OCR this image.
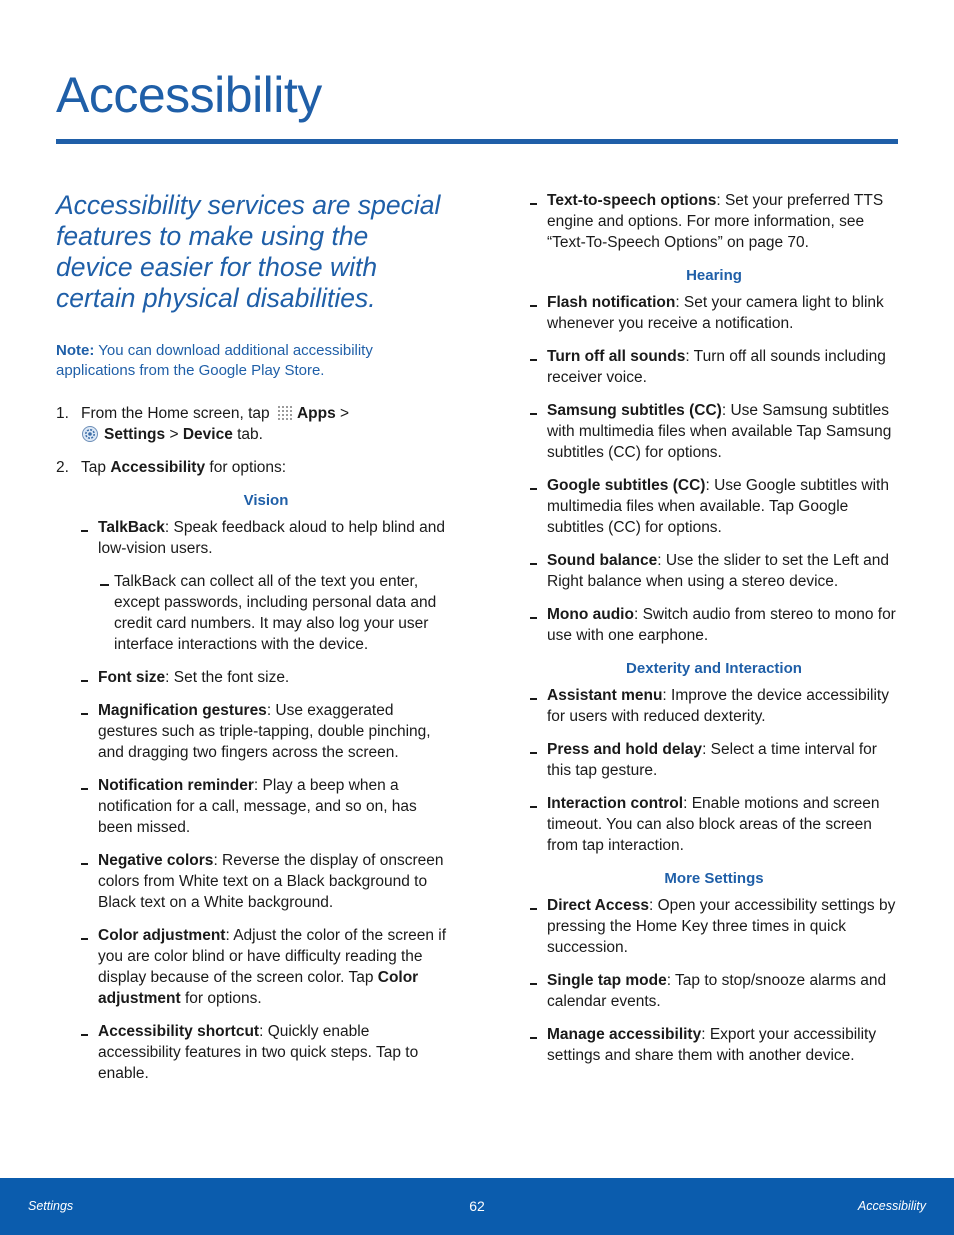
Accessibility

Accessibility services are special features to make using the device easier for those with certain physical disabilities.

Note: You can download additional accessibility applications from the Google Play Store.

1. From the Home screen, tap Apps >
Settings > Device tab.
2. Tap Accessibility for options:
Vision
TalkBack: Speak feedback aloud to help blind and low-vision users.
TalkBack can collect all of the text you enter, except passwords, including personal data and credit card numbers. It may also log your user interface interactions with the device.
Font size: Set the font size.
Magnification gestures: Use exaggerated gestures such as triple-tapping, double pinching, and dragging two fingers across the screen.
Notification reminder: Play a beep when a notification for a call, message, and so on, has been missed.
Negative colors: Reverse the display of onscreen colors from White text on a Black background to Black text on a White background.
Color adjustment: Adjust the color of the screen if you are color blind or have difficulty reading the display because of the screen color. Tap Color adjustment for options.
Accessibility shortcut: Quickly enable accessibility features in two quick steps. Tap to enable.
Text-to-speech options: Set your preferred TTS engine and options. For more information, see “Text-To-Speech Options” on page 70.
Hearing
Flash notification: Set your camera light to blink whenever you receive a notification.
Turn off all sounds: Turn off all sounds including receiver voice.
Samsung subtitles (CC): Use Samsung subtitles with multimedia files when available Tap Samsung subtitles (CC) for options.
Google subtitles (CC): Use Google subtitles with multimedia files when available. Tap Google subtitles (CC) for options.
Sound balance: Use the slider to set the Left and Right balance when using a stereo device.
Mono audio: Switch audio from stereo to mono for use with one earphone.
Dexterity and Interaction
Assistant menu: Improve the device accessibility for users with reduced dexterity.
Press and hold delay: Select a time interval for this tap gesture.
Interaction control: Enable motions and screen timeout. You can also block areas of the screen from tap interaction.
More Settings
Direct Access: Open your accessibility settings by pressing the Home Key three times in quick succession.
Single tap mode: Tap to stop/snooze alarms and calendar events.
Manage accessibility: Export your accessibility settings and share them with another device.
Settings	62	Accessibility
